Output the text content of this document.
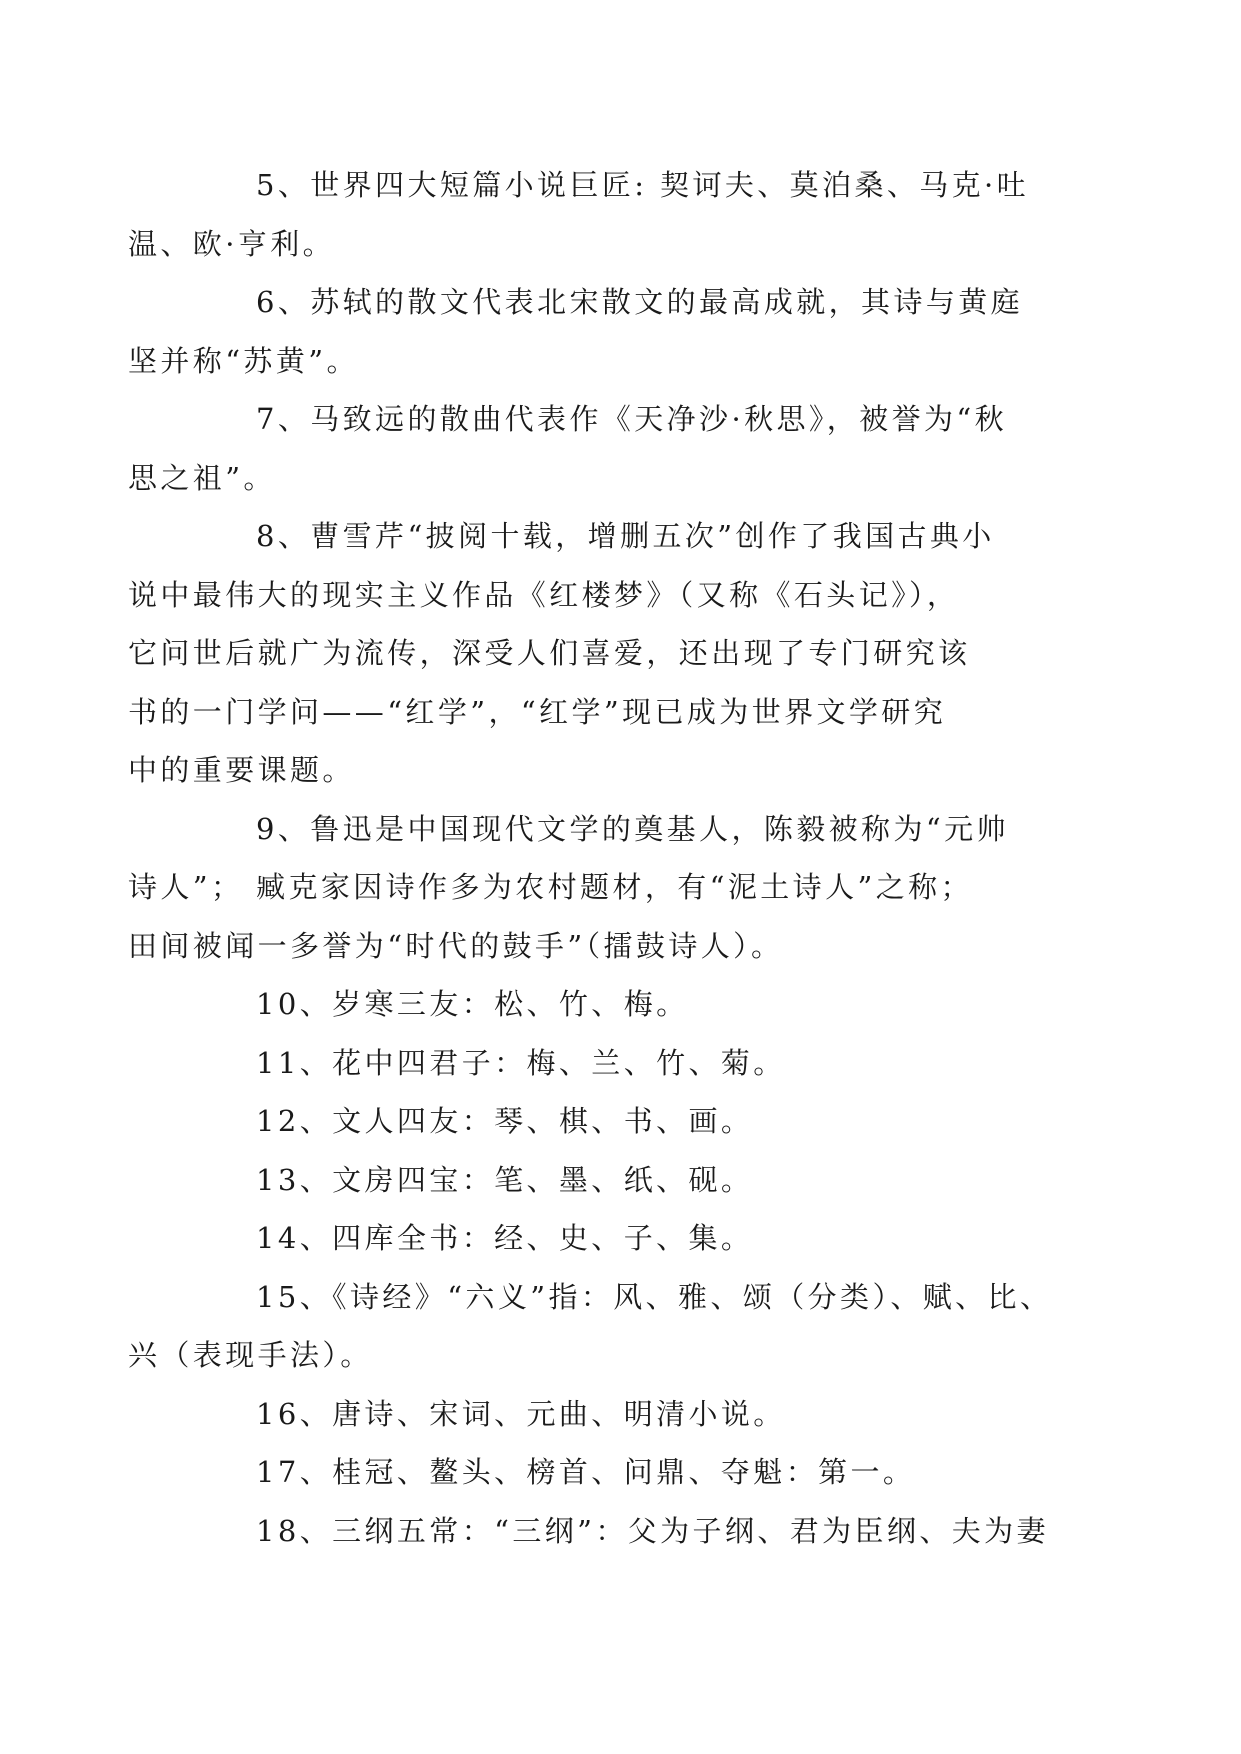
5、世界四大短篇小说巨匠: 契诃夫、莫泊桑、马克·吐
温、欧·亨利。

6、苏轼的散文代表北宋散文的最高成就，其诗与黄庭
坚并称“苏黄”。

7、马致远的散曲代表作《天净沙·秋思》，被誉为“秋
思之祖”。

8、曹雪芹“披阅十载，增删五次”创作了我国古典小
说中最伟大的现实主义作品《红楼梦》（又称《石头记》），
它问世后就广为流传，深受人们喜爱，还出现了专门研究该
书的一门学问——“红学”，“红学”现已成为世界文学研究
中的重要课题。

9、鲁迅是中国现代文学的奠基人，陈毅被称为“元帅
诗人”； 臧克家因诗作多为农村题材，有“泥土诗人”之称；
田间被闻一多誉为“时代的鼓手”（擂鼓诗人）。

10、岁寒三友：松、竹、梅。

11、花中四君子：梅、兰、竹、菊。

12、文人四友：琴、棋、书、画。

13、文房四宝：笔、墨、纸、砚。

14、四库全书：经、史、子、集。

15、《诗经》“六义”指：风、雅、颂（分类）、赋、比、
兴（表现手法）。

16、唐诗、宋词、元曲、明清小说。

17、桂冠、鳌头、榜首、问鼎、夺魁：第一。

18、三纲五常：“三纲”：父为子纲、君为臣纲、夫为妻
